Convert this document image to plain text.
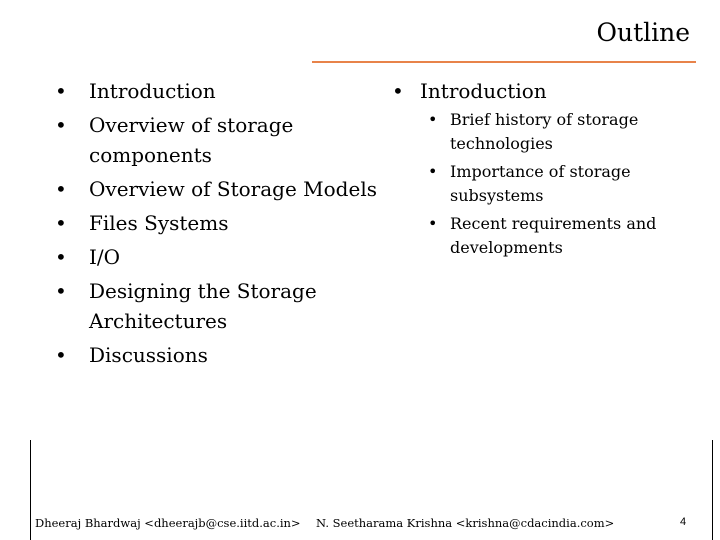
Outline
• Introduction
• Overview of storage components
• Overview of Storage Models
• Files Systems
• I/O
• Designing the Storage Architectures
• Discussions
• Introduction
• Brief history of storage technologies
• Importance of storage subsystems
• Recent requirements and developments
Dheeraj Bhardwaj <dheerajb@cse.iitd.ac.in> N. Seetharama Krishna <krishna@cdacindia.com>	4
